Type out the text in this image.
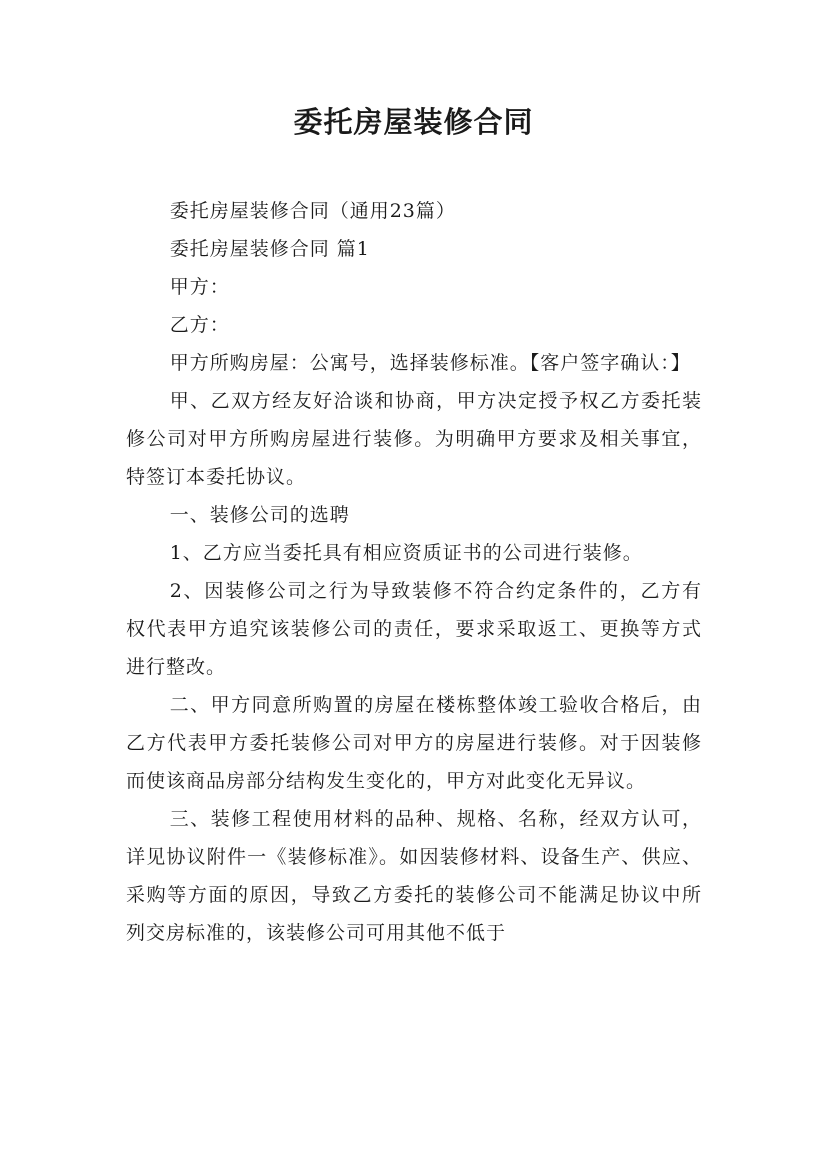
委托房屋装修合同

委托房屋装修合同（通用23篇）

委托房屋装修合同 篇1

甲方：

乙方：

甲方所购房屋：公寓号，选择装修标准。【客户签字确认：】

甲、乙双方经友好洽谈和协商，甲方决定授予权乙方委托装修公司对甲方所购房屋进行装修。为明确甲方要求及相关事宜，特签订本委托协议。

一、装修公司的选聘

1、乙方应当委托具有相应资质证书的公司进行装修。

2、因装修公司之行为导致装修不符合约定条件的，乙方有权代表甲方追究该装修公司的责任，要求采取返工、更换等方式进行整改。

二、甲方同意所购置的房屋在楼栋整体竣工验收合格后，由乙方代表甲方委托装修公司对甲方的房屋进行装修。对于因装修而使该商品房部分结构发生变化的，甲方对此变化无异议。

三、装修工程使用材料的品种、规格、名称，经双方认可，详见协议附件一《装修标准》。如因装修材料、设备生产、供应、采购等方面的原因，导致乙方委托的装修公司不能满足协议中所列交房标准的，该装修公司可用其他不低于
